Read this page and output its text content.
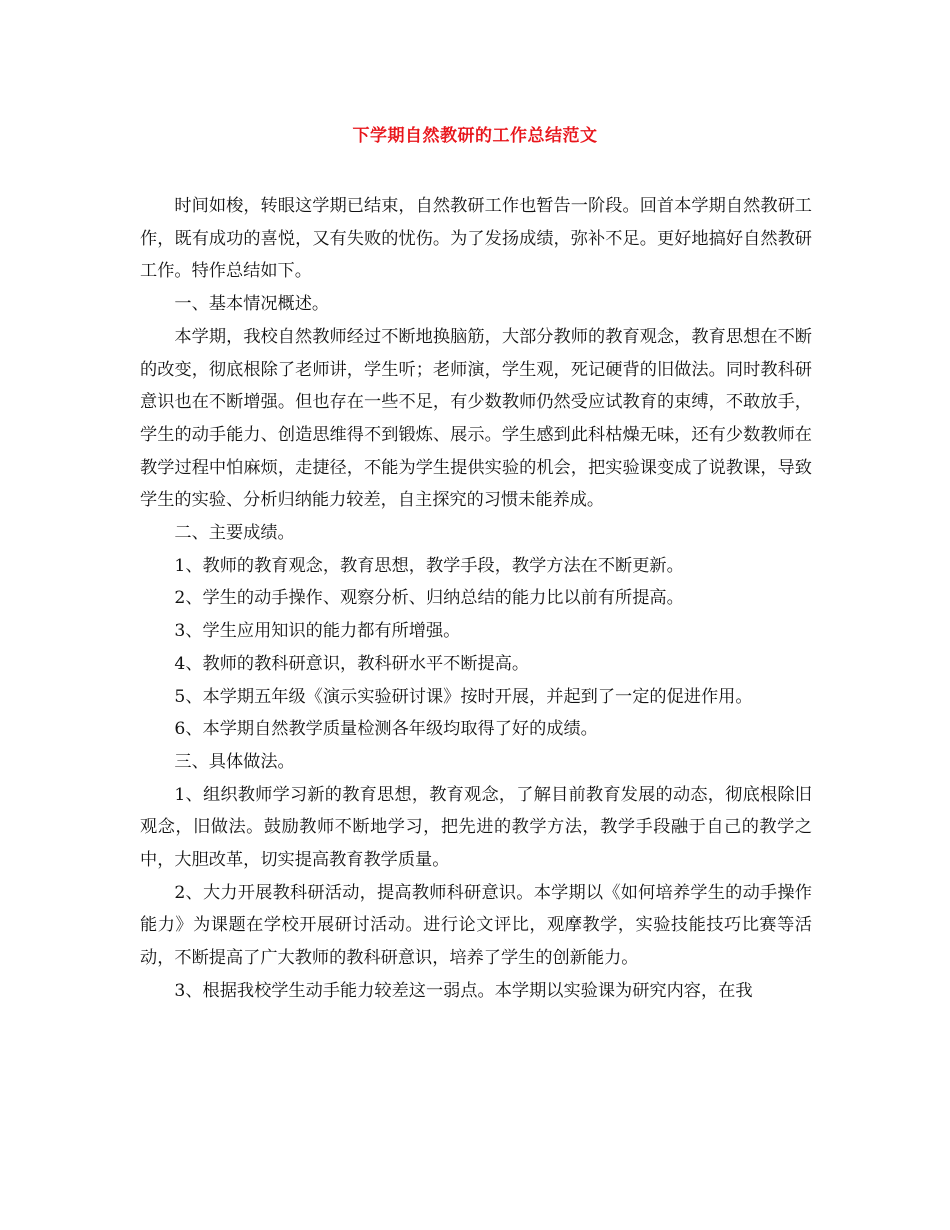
下学期自然教研的工作总结范文

时间如梭，转眼这学期已结束，自然教研工作也暂告一阶段。回首本学期自然教研工作，既有成功的喜悦，又有失败的忧伤。为了发扬成绩，弥补不足。更好地搞好自然教研工作。特作总结如下。

一、基本情况概述。

本学期，我校自然教师经过不断地换脑筋，大部分教师的教育观念，教育思想在不断的改变，彻底根除了老师讲，学生听；老师演，学生观，死记硬背的旧做法。同时教科研意识也在不断增强。但也存在一些不足，有少数教师仍然受应试教育的束缚，不敢放手，学生的动手能力、创造思维得不到锻炼、展示。学生感到此科枯燥无味，还有少数教师在教学过程中怕麻烦，走捷径，不能为学生提供实验的机会，把实验课变成了说教课，导致学生的实验、分析归纳能力较差，自主探究的习惯未能养成。

二、主要成绩。

1、教师的教育观念，教育思想，教学手段，教学方法在不断更新。

2、学生的动手操作、观察分析、归纳总结的能力比以前有所提高。

3、学生应用知识的能力都有所增强。

4、教师的教科研意识，教科研水平不断提高。

5、本学期五年级《演示实验研讨课》按时开展，并起到了一定的促进作用。

6、本学期自然教学质量检测各年级均取得了好的成绩。

三、具体做法。

1、组织教师学习新的教育思想，教育观念，了解目前教育发展的动态，彻底根除旧观念，旧做法。鼓励教师不断地学习，把先进的教学方法，教学手段融于自己的教学之中，大胆改革，切实提高教育教学质量。

2、大力开展教科研活动，提高教师科研意识。本学期以《如何培养学生的动手操作能力》为课题在学校开展研讨活动。进行论文评比，观摩教学，实验技能技巧比赛等活动，不断提高了广大教师的教科研意识，培养了学生的创新能力。

3、根据我校学生动手能力较差这一弱点。本学期以实验课为研究内容，在我
